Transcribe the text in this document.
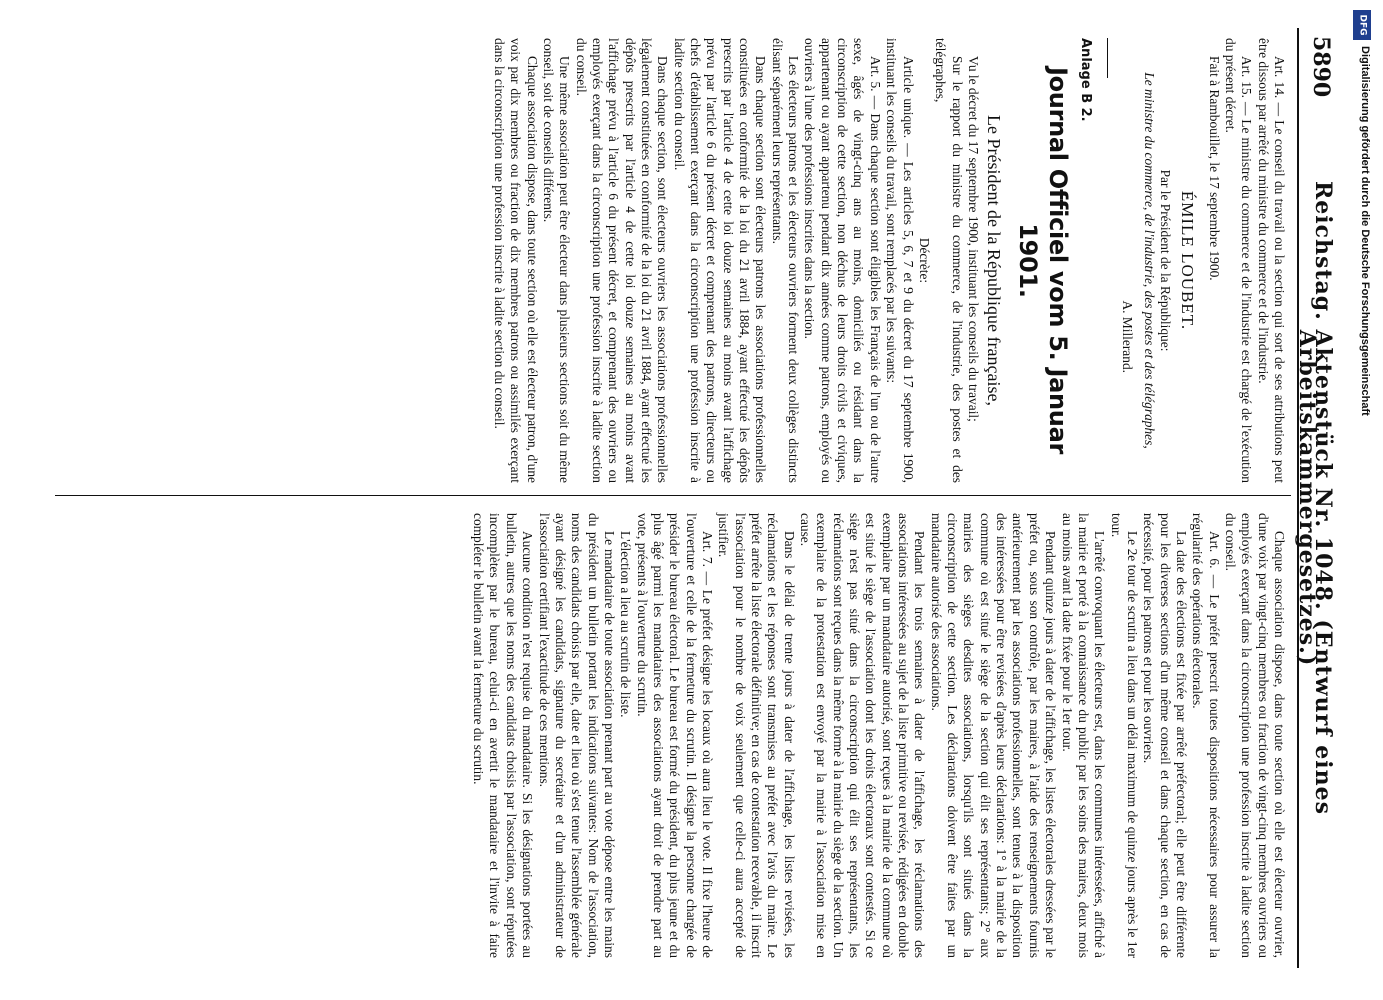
5890
Reichstag. Aktenstück Nr. 1048. (Entwurf eines Arbeitskammergesetzes.)

Art. 14. — Le conseil du travail ou la section qui sort de ses attributions peut être dissous par arrêté du ministre du commerce et de l'industrie.

Art. 15. — Le ministre du commerce et de l'industrie est chargé de l'exécution du présent décret.

Fait à Rambouillet, le 17 septembre 1900.

ÉMILE LOUBET.

Par le Président de la République:

Le ministre du commerce, de l'industrie, des postes et des télégraphes,

A. Millerand.

Anlage B 2.

Journal Officiel vom 5. Januar 1901.

Le Président de la République française,

Vu le décret du 17 septembre 1900, instituant les conseils du travail;

Sur le rapport du ministre du commerce, de l'industrie, des postes et des télégraphes,

Décrète:

Article unique. — Les articles 5, 6, 7 et 9 du décret du 17 septembre 1900, instituant les conseils du travail, sont remplacés par les suivants:

Art. 5. — Dans chaque section sont éligibles les Français de l'un ou de l'autre sexe, âgés de vingt-cinq ans au moins, domiciliés ou résidant dans la circonscription de cette section, non déchus de leurs droits civils et civiques, appartenant ou ayant appartenu pendant dix années comme patrons, employés ou ouvriers à l'une des professions inscrites dans la section.

Les électeurs patrons et les électeurs ouvriers forment deux collèges distincts élisant séparément leurs représentants.

Dans chaque section sont électeurs patrons les associations professionnelles constituées en conformité de la loi du 21 avril 1884, ayant effectué les dépôts prescrits par l'article 4 de cette loi douze semaines au moins avant l'affichage prévu par l'article 6 du présent décret et comprenant des patrons, directeurs ou chefs d'établissement exerçant dans la circonscription une profession inscrite à ladite section du conseil.

Dans chaque section, sont électeurs ouvriers les associations professionnelles légalement constituées en conformité de la loi du 21 avril 1884, ayant effectué les dépôts prescrits par l'article 4 de cette loi douze semaines au moins avant l'affichage prévu à l'article 6 du présent décret, et comprenant des ouvriers ou employés exerçant dans la circonscription une profession inscrite à ladite section du conseil.

Une même association peut être électeur dans plusieurs sections soit du même conseil, soit de conseils différents.

Chaque association dispose, dans toute section où elle est électeur patron, d'une voix par dix membres ou fraction de dix membres patrons ou assimilés exerçant dans la circonscription une profession inscrite à ladite section du conseil.

Chaque association dispose, dans toute section où elle est électeur ouvrier, d'une voix par vingt-cinq membres ou fraction de vingt-cinq membres ouvriers ou employés exerçant dans la circonscription une profession inscrite à ladite section du conseil.

Art. 6. — Le préfet prescrit toutes dispositions nécessaires pour assurer la régularité des opérations électorales.

La date des élections est fixée par arrêté préfectoral; elle peut être différente pour les diverses sections d'un même conseil et dans chaque section, en cas de nécessité, pour les patrons et pour les ouvriers.

Le 2e tour de scrutin a lieu dans un délai maximum de quinze jours après le 1er tour.

L'arrêté convoquant les électeurs est, dans les communes intéressées, affiché à la mairie et porté à la connaissance du public par les soins des maires, deux mois au moins avant la date fixée pour le 1er tour.

Pendant quinze jours à dater de l'affichage, les listes électorales dressées par le préfet ou, sous son contrôle, par les maires, à l'aide des renseignements fournis antérieurement par les associations professionnelles, sont tenues à la disposition des intéressées pour être revisées d'après leurs déclarations: 1° à la mairie de la commune où est situé le siège de la section qui élit ses représentants; 2° aux mairies des sièges desdites associations, lorsqu'ils sont situés dans la circonscription de cette section. Les déclarations doivent être faites par un mandataire autorisé des associations.

Pendant les trois semaines à dater de l'affichage, les réclamations des associations intéressées au sujet de la liste primitive ou revisée, rédigées en double exemplaire par un mandataire autorisé, sont reçues à la mairie de la commune où est situé le siège de l'association dont les droits électoraux sont contestés. Si ce siège n'est pas situé dans la circonscription qui élit ses représentants, les réclamations sont reçues dans la même forme à la mairie du siège de la section. Un exemplaire de la protestation est envoyé par la mairie à l'association mise en cause.

Dans le délai de trente jours à dater de l'affichage, les listes revisées, les réclamations et les réponses sont transmises au préfet avec l'avis du maire. Le préfet arrête la liste électorale définitive; en cas de contestation recevable, il inscrit l'association pour le nombre de voix seulement que celle-ci aura accepté de justifier.

Art. 7. — Le préfet désigne les locaux où aura lieu le vote. Il fixe l'heure de l'ouverture et celle de la fermeture du scrutin. Il désigne la personne chargée de présider le bureau électoral. Le bureau est formé du président, du plus jeune et du plus âgé parmi les mandataires des associations ayant droit de prendre part au vote, présents à l'ouverture du scrutin.

L'élection a lieu au scrutin de liste.

Le mandataire de toute association prenant part au vote dépose entre les mains du président un bulletin portant les indications suivantes: Nom de l'association, noms des candidats choisis par elle, date et lieu où s'est tenue l'assemblée générale ayant désigné les candidats, signature du secrétaire et d'un administrateur de l'association certifiant l'exactitude de ces mentions.

Aucune condition n'est requise du mandataire. Si les désignations portées au bulletin, autres que les noms des candidats choisis par l'association, sont réputées incomplètes par le bureau, celui-ci en avertit le mandataire et l'invite à faire compléter le bulletin avant la fermeture du scrutin.

DFG
Digitalisierung gefördert durch die Deutsche Forschungsgemeinschaft
